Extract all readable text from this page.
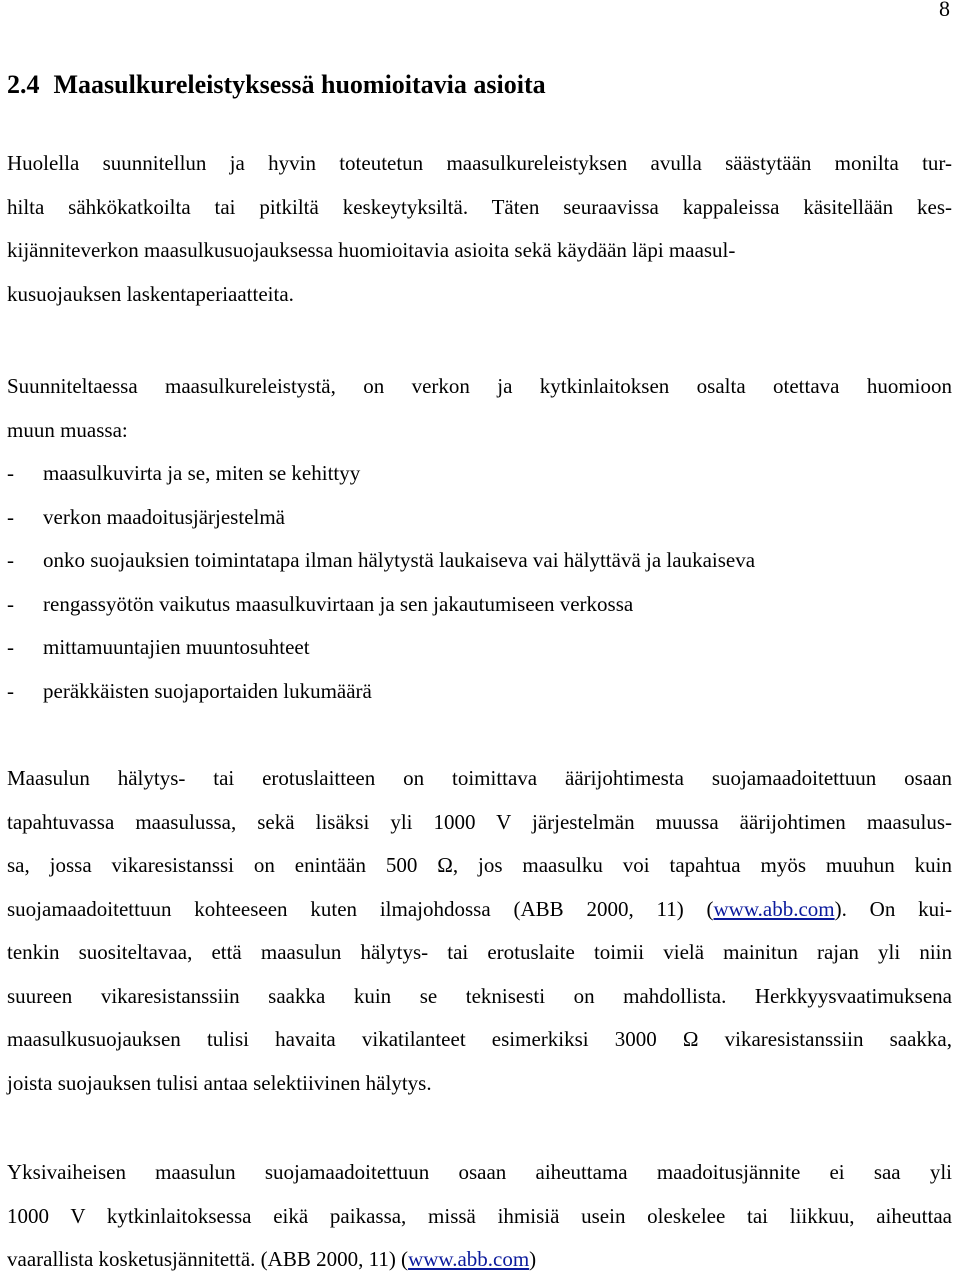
8
2.4 Maasulkureleistyksessä huomioitavia asioita

Huolella suunnitellun ja hyvin toteutetun maasulkureleistyksen avulla säästytään monilta tur-
hilta sähkökatkoilta tai pitkiltä keskeytyksiltä. Täten seuraavissa kappaleissa käsitellään kes-
kijänniteverkon maasulkusuojauksessa huomioitavia asioita sekä käydään läpi maasul-
kusuojauksen laskentaperiaatteita.

Suunniteltaessa maasulkureleistystä, on verkon ja kytkinlaitoksen osalta otettava huomioon
muun muassa:

- maasulkuvirta ja se, miten se kehittyy
- verkon maadoitusjärjestelmä
- onko suojauksien toimintatapa ilman hälytystä laukaiseva vai hälyttävä ja laukaiseva
- rengassyötön vaikutus maasulkuvirtaan ja sen jakautumiseen verkossa
- mittamuuntajien muuntosuhteet
- peräkkäisten suojaportaiden lukumäärä

Maasulun hälytys- tai erotuslaitteen on toimittava äärijohtimesta suojamaadoitettuun osaan
tapahtuvassa maasulussa, sekä lisäksi yli 1000 V järjestelmän muussa äärijohtimen maasulus-
sa, jossa vikaresistanssi on enintään 500 Ω, jos maasulku voi tapahtua myös muuhun kuin
suojamaadoitettuun kohteeseen kuten ilmajohdossa (ABB 2000, 11) (www.abb.com). On kui-
tenkin suositeltavaa, että maasulun hälytys- tai erotuslaite toimii vielä mainitun rajan yli niin
suureen vikaresistanssiin saakka kuin se teknisesti on mahdollista. Herkkyysvaatimuksena
maasulkusuojauksen tulisi havaita vikatilanteet esimerkiksi 3000 Ω vikaresistanssiin saakka,
joista suojauksen tulisi antaa selektiivinen hälytys.

Yksivaiheisen maasulun suojamaadoitettuun osaan aiheuttama maadoitusjännite ei saa yli
1000 V kytkinlaitoksessa eikä paikassa, missä ihmisiä usein oleskelee tai liikkuu, aiheuttaa
vaarallista kosketusjännitettä. (ABB 2000, 11) (www.abb.com)
